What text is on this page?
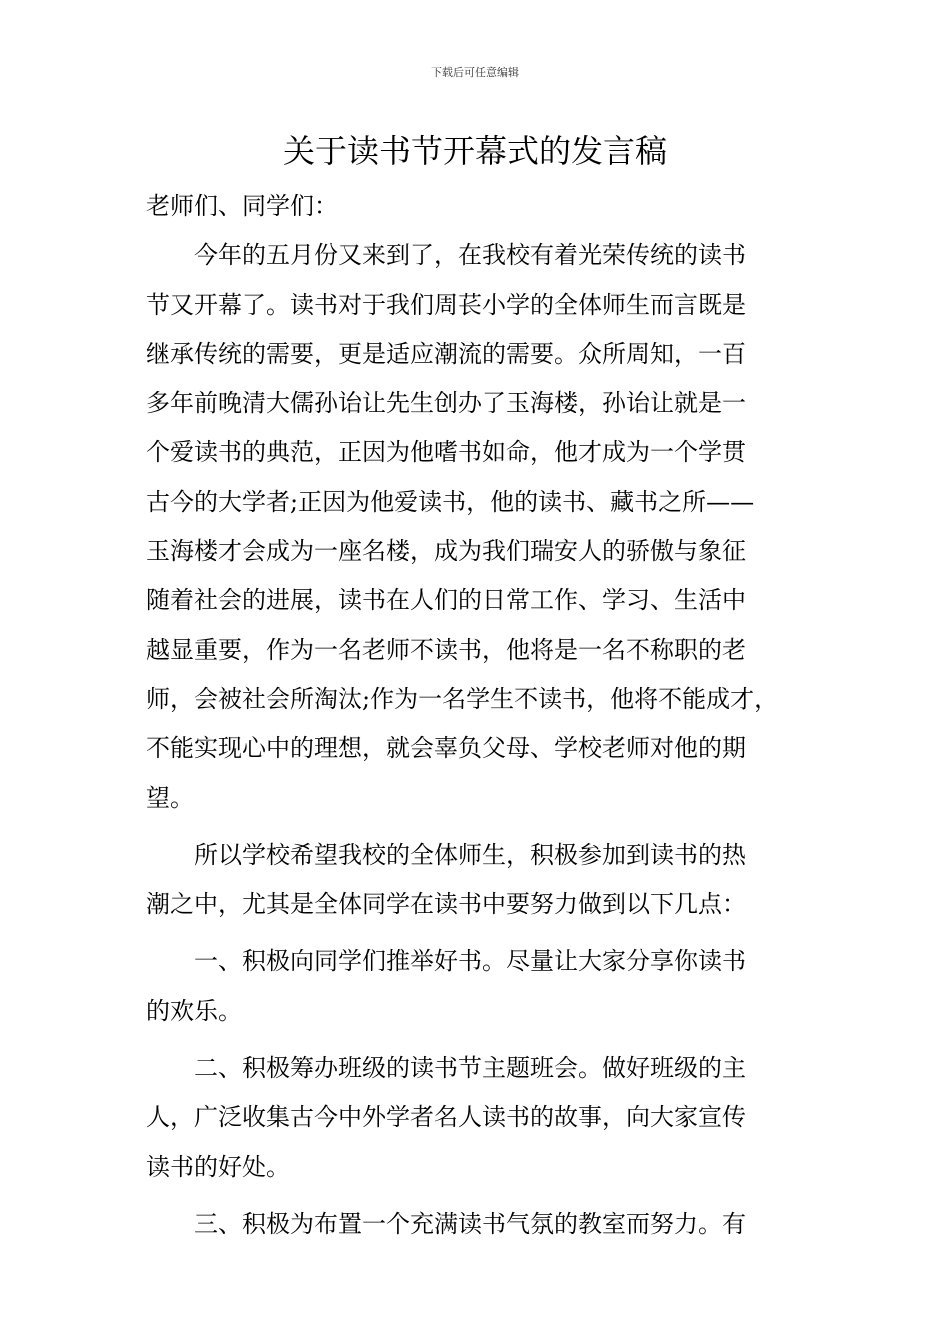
下载后可任意编辑
关于读书节开幕式的发言稿
老师们、同学们：
　　今年的五月份又来到了，在我校有着光荣传统的读书
节又开幕了。读书对于我们周苌小学的全体师生而言既是
继承传统的需要，更是适应潮流的需要。众所周知，一百
多年前晚清大儒孙诒让先生创办了玉海楼，孙诒让就是一
个爱读书的典范，正因为他嗜书如命，他才成为一个学贯
古今的大学者;正因为他爱读书，他的读书、藏书之所——
玉海楼才会成为一座名楼，成为我们瑞安人的骄傲与象征
随着社会的进展，读书在人们的日常工作、学习、生活中
越显重要，作为一名老师不读书，他将是一名不称职的老
师，会被社会所淘汰;作为一名学生不读书，他将不能成才，
不能实现心中的理想，就会辜负父母、学校老师对他的期
望。
　　所以学校希望我校的全体师生，积极参加到读书的热
潮之中，尤其是全体同学在读书中要努力做到以下几点：
　　一、积极向同学们推举好书。尽量让大家分享你读书
的欢乐。
　　二、积极筹办班级的读书节主题班会。做好班级的主
人，广泛收集古今中外学者名人读书的故事，向大家宣传
读书的好处。
　　三、积极为布置一个充满读书气氛的教室而努力。有
